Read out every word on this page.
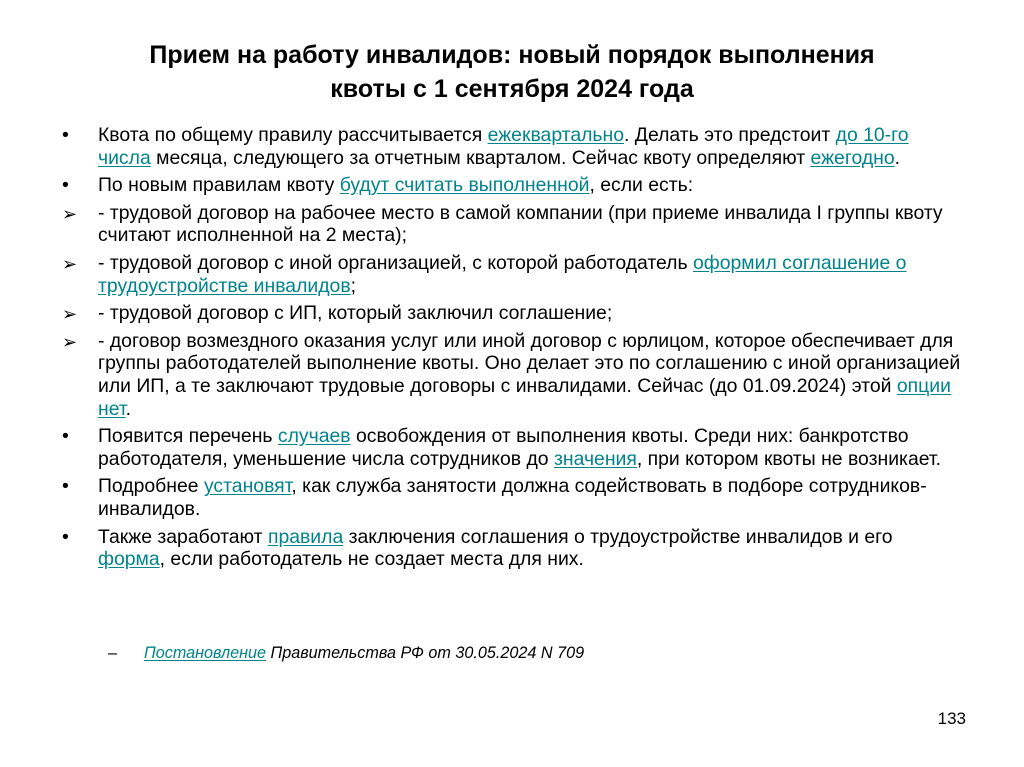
Прием на работу инвалидов: новый порядок выполнения
квоты с 1 сентября 2024 года
•	Квота по общему правилу рассчитывается ежеквартально. Делать это предстоит до 10-го числа месяца, следующего за отчетным кварталом. Сейчас квоту определяют ежегодно.
•	По новым правилам квоту будут считать выполненной, если есть:
➢	- трудовой договор на рабочее место в самой компании (при приеме инвалида I группы квоту считают исполненной на 2 места);
➢	- трудовой договор с иной организацией, с которой работодатель оформил соглашение о трудоустройстве инвалидов;
➢	- трудовой договор с ИП, который заключил соглашение;
➢	- договор возмездного оказания услуг или иной договор с юрлицом, которое обеспечивает для группы работодателей выполнение квоты. Оно делает это по соглашению с иной организацией или ИП, а те заключают трудовые договоры с инвалидами. Сейчас (до 01.09.2024) этой опции нет.
•	Появится перечень случаев освобождения от выполнения квоты. Среди них: банкротство работодателя, уменьшение числа сотрудников до значения, при котором квоты не возникает.
•	Подробнее установят, как служба занятости должна содействовать в подборе сотрудников-инвалидов.
•	Также заработают правила заключения соглашения о трудоустройстве инвалидов и его форма, если работодатель не создает места для них.
– Постановление Правительства РФ от 30.05.2024 N 709
133
